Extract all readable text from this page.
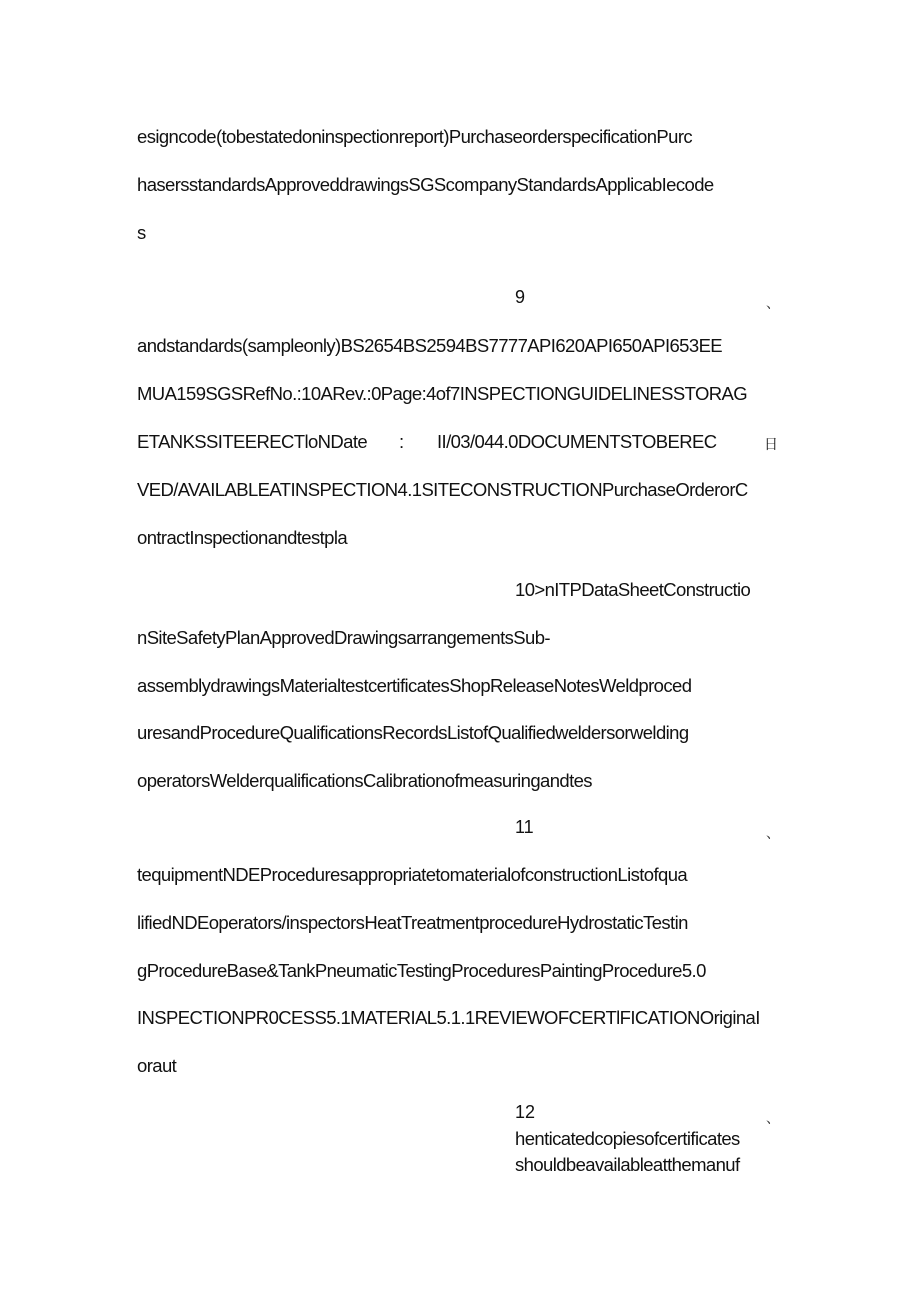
esigncode(tobestatedoninspectionreport)PurchaseorderspecificationPurc
hasersstandardsApproveddrawingsSGScompanyStandardsApplicabIecode
s
9	、
andstandards(sampleonly)BS2654BS2594BS7777API620API650API653EE
MUA159SGSRefNo.:10ARev.:0Page:4of7INSPECTIONGUIDELINESSTORAG
ETANKSSITEERECTloNDate : II/03/044.0DOCUMENTSTOBEREC	日
VED/AVAILABLEATINSPECTION4.1SITECONSTRUCTIONPurchaseOrderorC
ontractInspectionandtestpla
10>nITPDataSheetConstructio
nSiteSafetyPlanApprovedDrawingsarrangementsSub-
assemblydrawingsMaterialtestcertificatesShopReleaseNotesWeldproced
uresandProcedureQualificationsRecordsListofQualifiedweldersorwelding
operatorsWelderqualificationsCalibrationofmeasuringandtes
11	、
tequipmentNDEProceduresappropriatetomaterialofconstructionListofqua
lifiedNDEoperators/inspectorsHeatTreatmentprocedureHydrostaticTestin
gProcedureBase&TankPneumaticTestingProceduresPaintingProcedure5.0
INSPECTIONPR0CESS5.1MATERIAL5.1.1REVIEWOFCERTlFICATIONOriginaI
oraut
12	、
henticatedcopiesofcertificates
shouldbeavailableatthemanuf
